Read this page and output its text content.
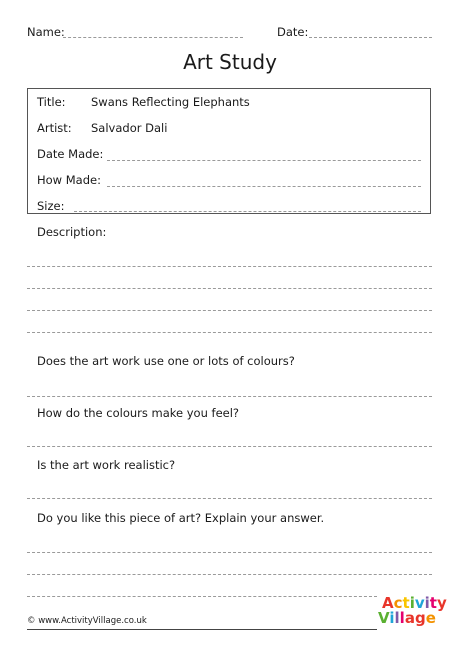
Name:	Date:
Art Study
Title: Swans Reflecting Elephants
Artist: Salvador Dali
Date Made:
How Made:
Size:
Description:
Does the art work use one or lots of colours?
How do the colours make you feel?
Is the art work realistic?
Do you like this piece of art? Explain your answer.
© www.ActivityVillage.co.uk
Activity
Village
